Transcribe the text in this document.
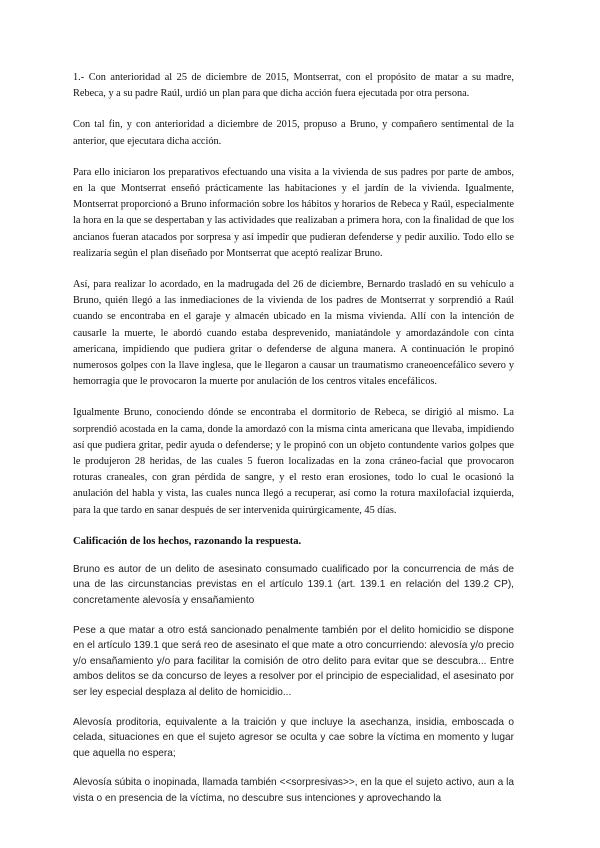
1.- Con anterioridad al 25 de diciembre de 2015, Montserrat, con el propósito de matar a su madre, Rebeca, y a su padre Raúl, urdió un plan para que dicha acción fuera ejecutada por otra persona.

Con tal fin, y con anterioridad a diciembre de 2015, propuso a Bruno, y compañero sentimental de la anterior, que ejecutara dicha acción.

Para ello iniciaron los preparativos efectuando una visita a la vivienda de sus padres por parte de ambos, en la que Montserrat enseñó prácticamente las habitaciones y el jardín de la vivienda. Igualmente, Montserrat proporcionó a Bruno información sobre los hábitos y horarios de Rebeca y Raúl, especialmente la hora en la que se despertaban y las actividades que realizaban a primera hora, con la finalidad de que los ancianos fueran atacados por sorpresa y así impedir que pudieran defenderse y pedir auxilio. Todo ello se realizaría según el plan diseñado por Montserrat que aceptó realizar Bruno.

Así, para realizar lo acordado, en la madrugada del 26 de diciembre, Bernardo trasladó en su vehículo a Bruno, quién llegó a las inmediaciones de la vivienda de los padres de Montserrat y sorprendió a Raúl cuando se encontraba en el garaje y almacén ubicado en la misma vivienda. Allí con la intención de causarle la muerte, le abordó cuando estaba desprevenido, maniatándole y amordazándole con cinta americana, impidiendo que pudiera gritar o defenderse de alguna manera. A continuación le propinó numerosos golpes con la llave inglesa, que le llegaron a causar un traumatismo craneoencefálico severo y hemorragia que le provocaron la muerte por anulación de los centros vitales encefálicos.

Igualmente Bruno, conociendo dónde se encontraba el dormitorio de Rebeca, se dirigió al mismo. La sorprendió acostada en la cama, donde la amordazó con la misma cinta americana que llevaba, impidiendo así que pudiera gritar, pedir ayuda o defenderse; y le propinó con un objeto contundente varios golpes que le produjeron 28 heridas, de las cuales 5 fueron localizadas en la zona cráneo-facial que provocaron roturas craneales, con gran pérdida de sangre, y el resto eran erosiones, todo lo cual le ocasionó la anulación del habla y vista, las cuales nunca llegó a recuperar, así como la rotura maxilofacial izquierda, para la que tardo en sanar después de ser intervenida quirúrgicamente, 45 días.

Calificación de los hechos, razonando la respuesta.

Bruno es autor de un delito de asesinato consumado cualificado por la concurrencia de más de una de las circunstancias previstas en el artículo 139.1 (art. 139.1 en relación del 139.2 CP), concretamente alevosía y ensañamiento

Pese a que matar a otro está sancionado penalmente también por el delito homicidio se dispone en el artículo 139.1 que será reo de asesinato el que mate a otro concurriendo: alevosía y/o precio y/o ensañamiento y/o para facilitar la comisión de otro delito para evitar que se descubra... Entre ambos delitos se da concurso de leyes a resolver por el principio de especialidad, el asesinato por ser ley especial desplaza al delito de homicidio...

Alevosía proditoria, equivalente a la traición y que incluye la asechanza, insidia, emboscada o celada, situaciones en que el sujeto agresor se oculta y cae sobre la víctima en momento y lugar que aquella no espera;

Alevosía súbita o inopinada, llamada también <<sorpresivas>>, en la que el sujeto activo, aun a la vista o en presencia de la víctima, no descubre sus intenciones y aprovechando la
